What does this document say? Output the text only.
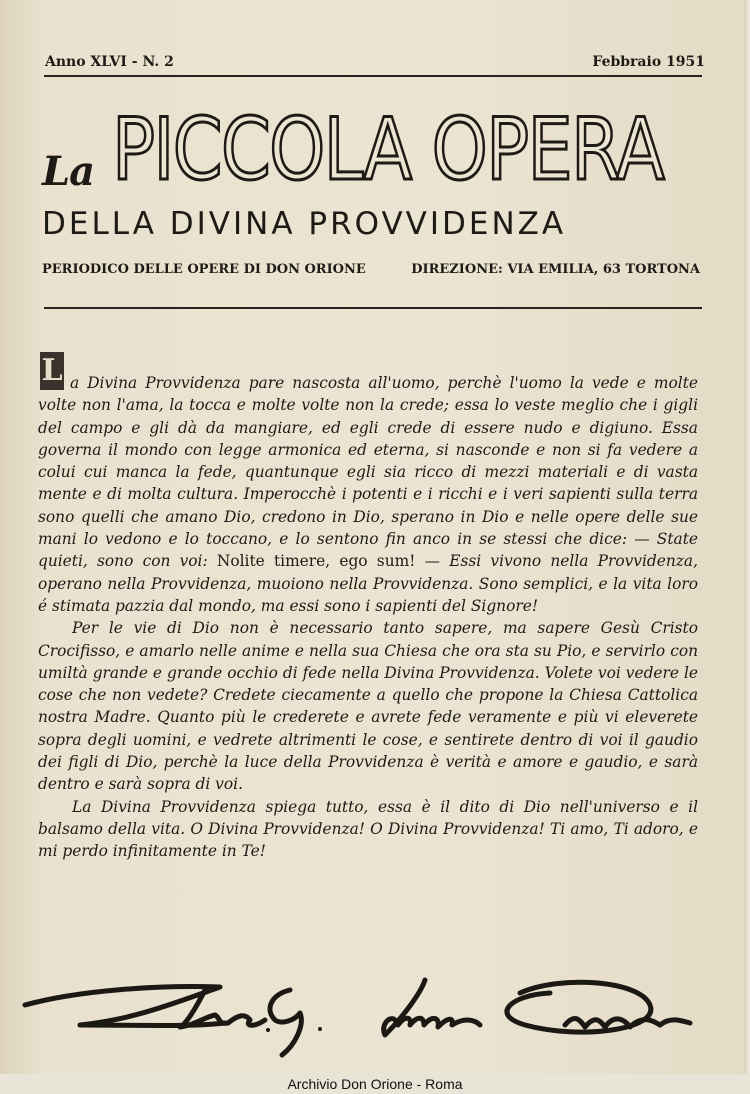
Anno XLVI - N. 2	Febbraio 1951
La PICCOLA OPERA
DELLA DIVINA PROVVIDENZA
PERIODICO DELLE OPERE DI DON ORIONE	DIREZIONE: VIA EMILIA, 63 TORTONA

L a Divina Provvidenza pare nascosta all'uomo, perchè l'uomo la vede e molte volte non l'ama, la tocca e molte volte non la crede; essa lo veste meglio che i gigli del campo e gli dà da mangiare, ed egli crede di essere nudo e digiuno. Essa governa il mondo con legge armonica ed eterna, si nasconde e non si fa vedere a colui cui manca la fede, quantunque egli sia ricco di mezzi materiali e di vasta mente e di molta cultura. Imperocchè i potenti e i ricchi e i veri sapienti sulla terra sono quelli che amano Dio, credono in Dio, sperano in Dio e nelle opere delle sue mani lo vedono e lo toccano, e lo sentono fin anco in se stessi che dice: — State quieti, sono con voi: Nolite timere, ego sum! — Essi vivono nella Provvidenza, operano nella Provvidenza, muoiono nella Provvidenza. Sono semplici, e la vita loro é stimata pazzia dal mondo, ma essi sono i sapienti del Signore!

Per le vie di Dio non è necessario tanto sapere, ma sapere Gesù Cristo Crocifisso, e amarlo nelle anime e nella sua Chiesa che ora sta su Pio, e servirlo con umiltà grande e grande occhio di fede nella Divina Provvidenza. Volete voi vedere le cose che non vedete? Credete ciecamente a quello che propone la Chiesa Cattolica nostra Madre. Quanto più le crederete e avrete fede veramente e più vi eleverete sopra degli uomini, e vedrete altrimenti le cose, e sentirete dentro di voi il gaudio dei figli di Dio, perchè la luce della Provvidenza è verità e amore e gaudio, e sarà dentro e sarà sopra di voi.

La Divina Provvidenza spiega tutto, essa è il dito di Dio nell'universo e il balsamo della vita. O Divina Provvidenza! O Divina Provvidenza! Ti amo, Ti adoro, e mi perdo infinitamente in Te!

Archivio Don Orione - Roma
